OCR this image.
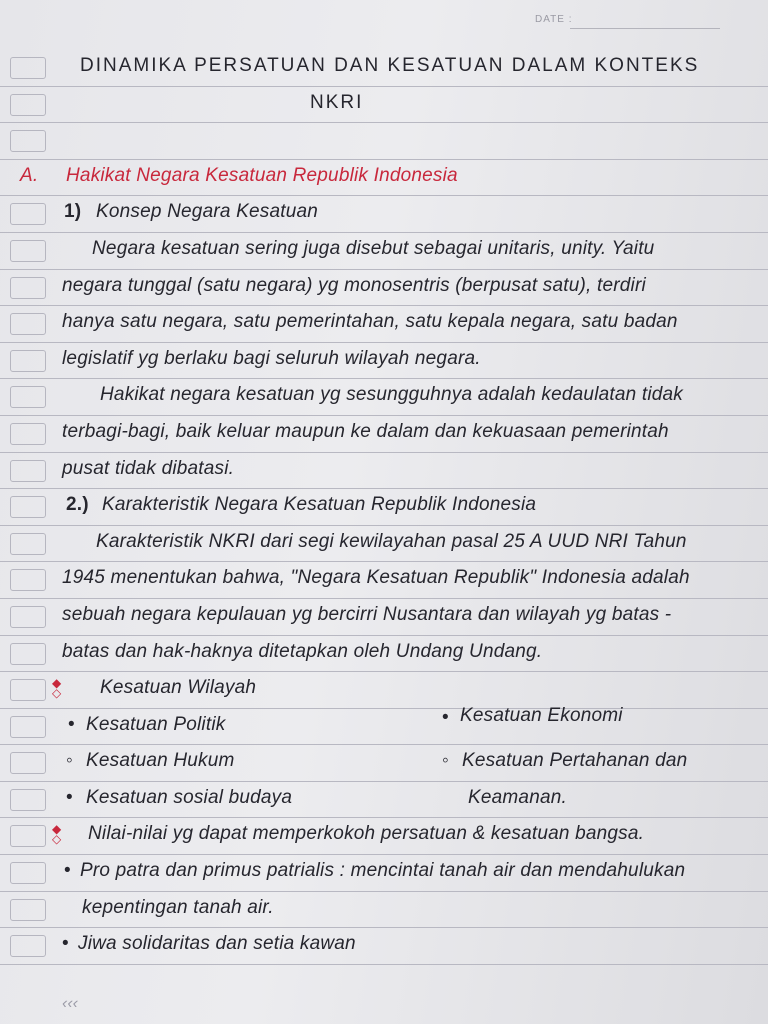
DATE :
DINAMIKA PERSATUAN DAN KESATUAN DALAM KONTEKS
NKRI
A. Hakikat Negara Kesatuan Republik Indonesia
1) Konsep Negara Kesatuan
Negara kesatuan sering juga disebut sebagai unitaris, unity. Yaitu
negara tunggal (satu negara) yg monosentris (berpusat satu), terdiri
hanya satu negara, satu pemerintahan, satu kepala negara, satu badan
legislatif yg berlaku bagi seluruh wilayah negara.
Hakikat negara kesatuan yg sesungguhnya adalah kedaulatan tidak
terbagi-bagi, baik keluar maupun ke dalam dan kekuasaan pemerintah
pusat tidak dibatasi.
2.) Karakteristik Negara Kesatuan Republik Indonesia
Karakteristik NKRI dari segi kewilayahan pasal 25 A UUD NRI Tahun
1945 menentukan bahwa, "Negara Kesatuan Republik" Indonesia adalah
sebuah negara kepulauan yg bercirri Nusantara dan wilayah yg batas -
batas dan hak-haknya ditetapkan oleh Undang Undang.
◆
◇ Kesatuan Wilayah
• Kesatuan Politik	• Kesatuan Ekonomi
◦ Kesatuan Hukum	◦ Kesatuan Pertahanan dan
• Kesatuan sosial budaya	Keamanan.
◆
◇ Nilai-nilai yg dapat memperkokoh persatuan & kesatuan bangsa.
• Pro patra dan primus patrialis : mencintai tanah air dan mendahulukan
kepentingan tanah air.
• Jiwa solidaritas dan setia kawan
‹‹‹
